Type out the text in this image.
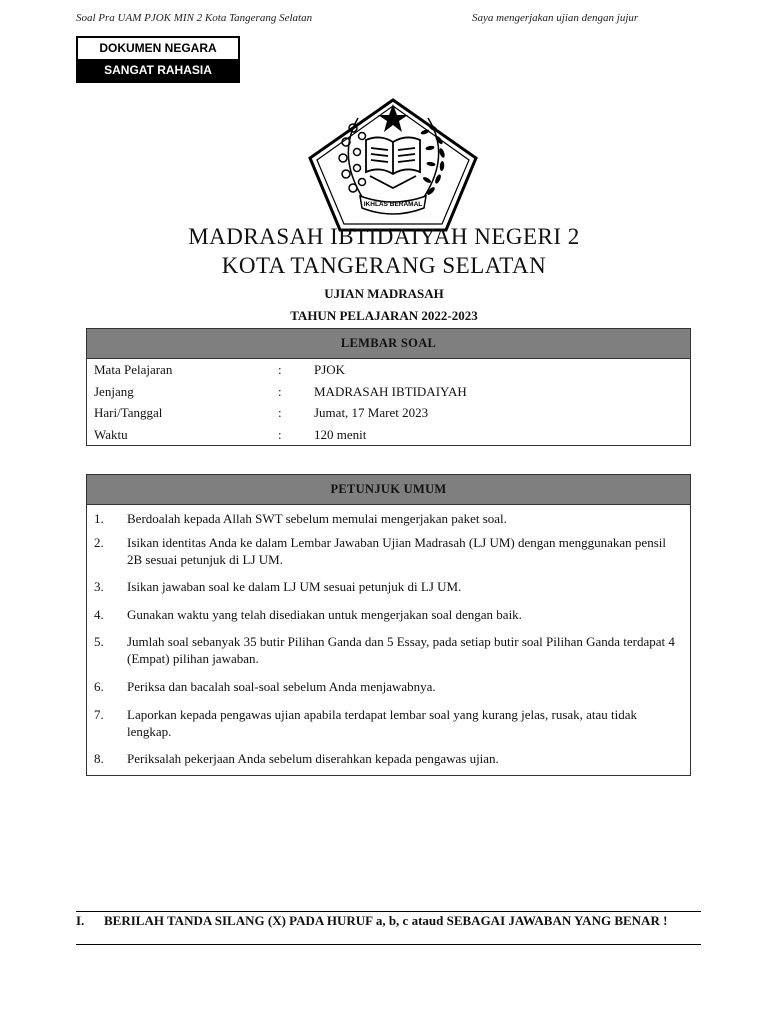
Soal Pra UAM PJOK MIN 2 Kota Tangerang Selatan	Saya mengerjakan ujian dengan jujur
DOKUMEN NEGARA
SANGAT RAHASIA
IKHLAS BERAMAL
MADRASAH IBTIDAIYAH NEGERI 2
KOTA TANGERANG SELATAN
UJIAN MADRASAH
TAHUN PELAJARAN 2022-2023
LEMBAR SOAL
Mata Pelajaran	: PJOK
Jenjang	: MADRASAH IBTIDAIYAH
Hari/Tanggal	: Jumat, 17 Maret 2023
Waktu	: 120 menit
PETUNJUK UMUM
1. Berdoalah kepada Allah SWT sebelum memulai mengerjakan paket soal.
2. Isikan identitas Anda ke dalam Lembar Jawaban Ujian Madrasah (LJ UM) dengan menggunakan pensil 2B sesuai petunjuk di LJ UM.
3. Isikan jawaban soal ke dalam LJ UM sesuai petunjuk di LJ UM.
4. Gunakan waktu yang telah disediakan untuk mengerjakan soal dengan baik.
5. Jumlah soal sebanyak 35 butir Pilihan Ganda dan 5 Essay, pada setiap butir soal Pilihan Ganda terdapat 4 (Empat) pilihan jawaban.
6. Periksa dan bacalah soal-soal sebelum Anda menjawabnya.
7. Laporkan kepada pengawas ujian apabila terdapat lembar soal yang kurang jelas, rusak, atau tidak lengkap.
8. Periksalah pekerjaan Anda sebelum diserahkan kepada pengawas ujian.
I. BERILAH TANDA SILANG (X) PADA HURUF a, b, c ataud SEBAGAI JAWABAN YANG BENAR !
